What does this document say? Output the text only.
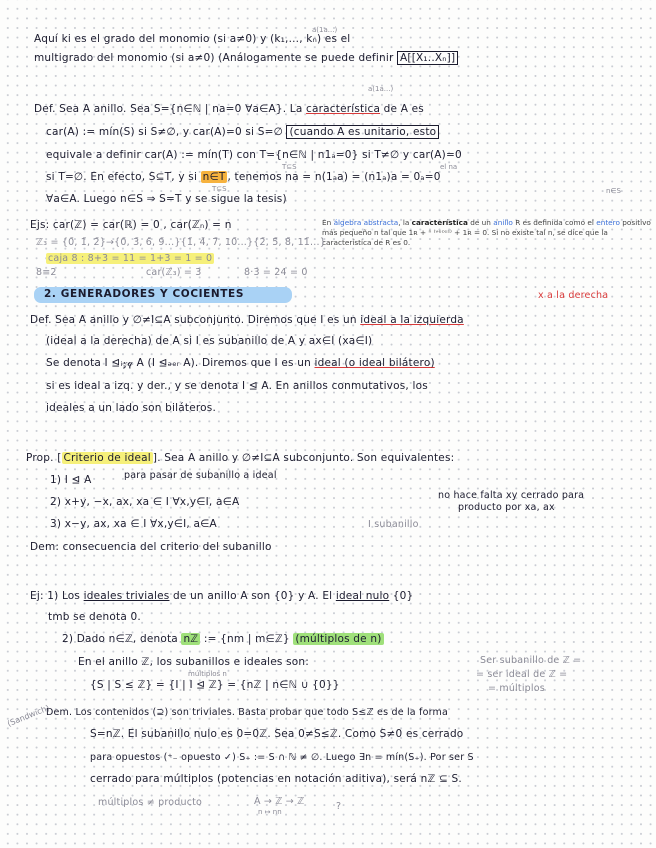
a(1a...)
Aquí ki es el grado del monomio (si a≠0) y (k₁,..., kₙ) es el
multigrado del monomio (si a≠0) (Análogamente se puede definir A[[X₁..Xₙ]]
a(1a...)
Def. Sea A anillo. Sea S={n∈ℕ | na=0 ∀a∈A}. La característica de A es
car(A) := mín(S) si S≠∅, y car(A)=0 si S=∅ (cuando A es unitario, esto
equivale a definir car(A) := mín(T) con T={n∈ℕ | n1ₐ=0} si T≠∅ y car(A)=0
T⊆S	el na
si T=∅. En efecto, S⊆T, y si n∈T , tenemos na = n(1ₐa) = (n1ₐ)a = 0ₐ=0
T⊆S	n∈S
∀a∈A. Luego n∈S ⇒ S=T y se sigue la tesis)
Ejs: car(ℤ) = car(ℝ) = 0 , car(ℤₙ) = n	En álgebra abstracta, la característica de un anillo R es definida como el entero positivo más pequeño n tal que 1ʀ + ⁿ ⁽ᵛᵉᶜᵉˢ⁾ + 1ʀ = 0. Si no existe tal n, se dice que la característica de R es 0.
ℤ₃ = {0̄, 1̄, 2̄}→{0̄, 3̄, 6̄, 9̄...}{1̄, 4̄, 7̄, 10̄...}{2̄, 5̄, 8̄, 11̄...}
caja 8 : 8+3 = 11 = 1+3 = 1 = 0
8≡2	car(ℤ₃) = 3	8·3 = 24 = 0
2. GENERADORES Y COCIENTES	x a la derecha
Def. Sea A anillo y ∅≠I⊆A subconjunto. Diremos que I es un ideal a la izquierda
(ideal a la derecha) de A si I es subanillo de A y ax∈I (xa∈I)
Se denota I ⊴ᵢ𝓏𝓆 A (I ⊴ₔₑᵣ A). Diremos que I es un ideal (o ideal bilátero)
si es ideal a izq. y der., y se denota I ⊴ A. En anillos conmutativos, los
ideales a un lado son biláteros.
Prop. [ Criterio de ideal ]. Sea A anillo y ∅≠I⊆A subconjunto. Son equivalentes:
1) I ⊴ A	para pasar de subanillo a ideal
2) x+y, −x, ax, xa ∈ I ∀x,y∈I, a∈A
no hace falta xy cerrado para
producto por xa, ax
3) x−y, ax, xa ∈ I ∀x,y∈I, a∈A	I subanillo
Dem: consecuencia del criterio del subanillo
Ej: 1) Los ideales triviales de un anillo A son {0} y A. El ideal nulo {0}
tmb se denota 0.
2) Dado n∈ℤ, denota nℤ := {nm | m∈ℤ} (múltiplos de n)
En el anillo ℤ, los subanillos e ideales son:	Ser subanillo de ℤ =
múltiplos n
{S | S ≤ ℤ} = {I | I ⊴ ℤ} = {nℤ | n∈ℕ ∪ {0}}
= ser ideal de ℤ =
= múltiplos
Dem. Los contenidos (⊇) son triviales. Basta probar que todo S≤ℤ es de la forma
(Sandwich)
S=nℤ. El subanillo nulo es 0=0ℤ. Sea 0≠S≤ℤ. Como S≠0 es cerrado
para opuestos (⁺₋ opuesto ✓) S₊ := S ∩ ℕ ≠ ∅. Luego ∃n = mín(S₊). Por ser S
cerrado para múltiplos (potencias en notación aditiva), será nℤ ⊆ S.
múltiplos ≠ producto	A → ℤ → ℤ
n ↦ nn	?
